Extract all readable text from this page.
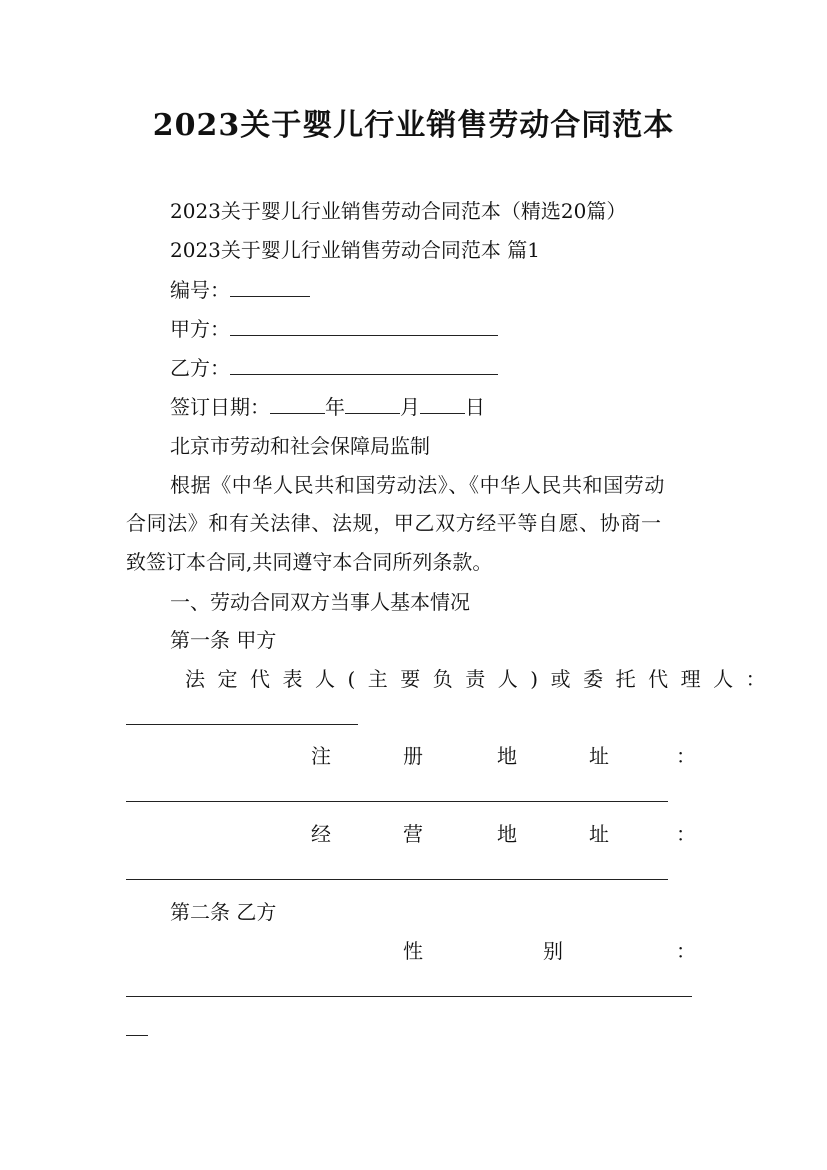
2023关于婴儿行业销售劳动合同范本
2023关于婴儿行业销售劳动合同范本（精选20篇）
2023关于婴儿行业销售劳动合同范本 篇1
编号：
甲方：
乙方：
签订日期：	年	月 日
北京市劳动和社会保障局监制
根据《中华人民共和国劳动法》、《中华人民共和国劳动
合同法》和有关法律、法规，甲乙双方经平等自愿、协商一
致签订本合同,共同遵守本合同所列条款。
一、劳动合同双方当事人基本情况
第一条 甲方
法定代表人(主要负责人)或委托代理人：
注	册	地	址	：
经	营	地	址	：
第二条 乙方
性	别	：
